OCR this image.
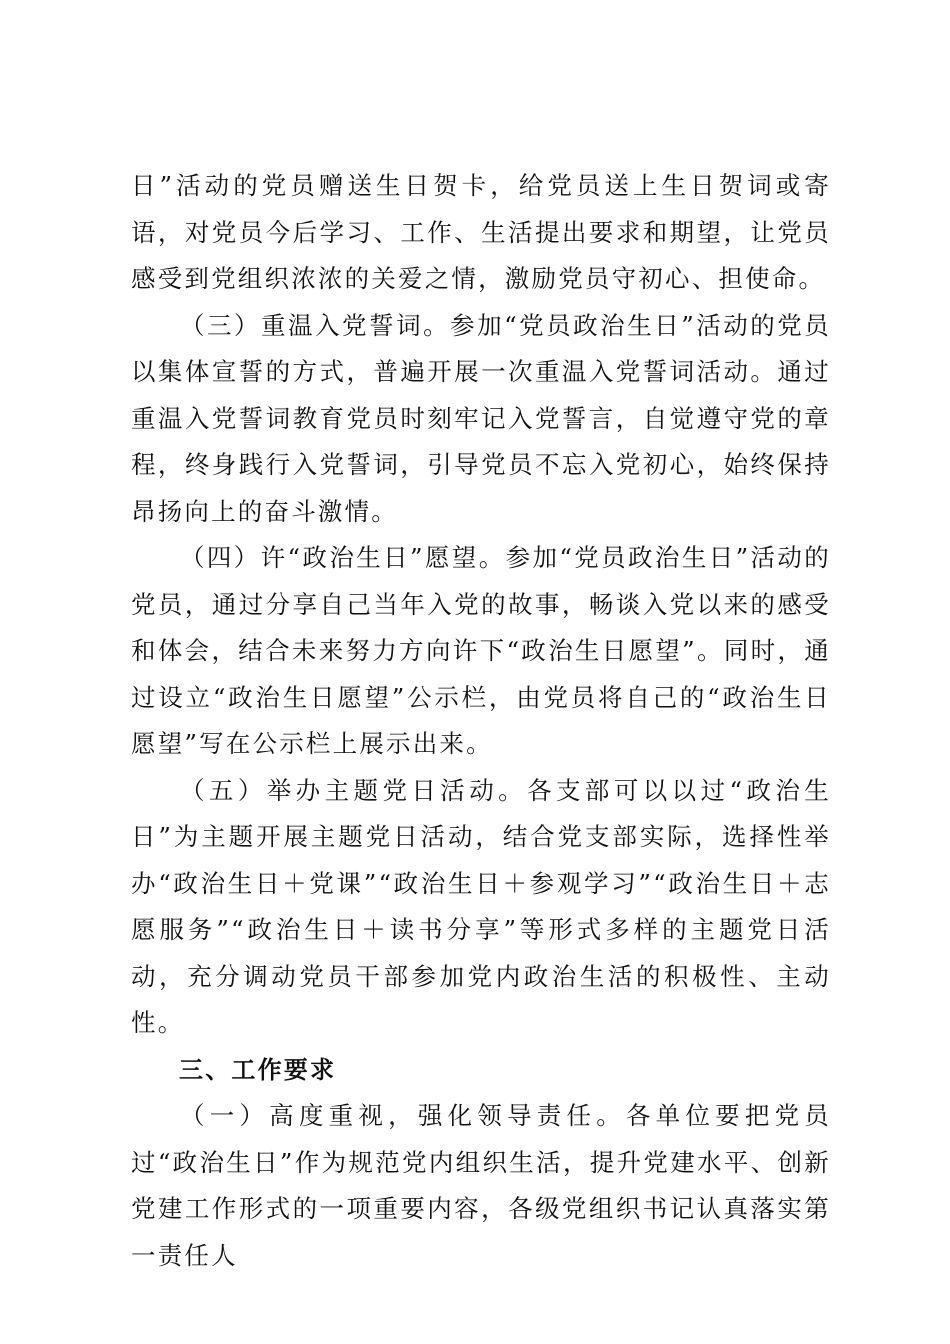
日”活动的党员赠送生日贺卡，给党员送上生日贺词或寄语，对党员今后学习、工作、生活提出要求和期望，让党员感受到党组织浓浓的关爱之情，激励党员守初心、担使命。

（三）重温入党誓词。参加“党员政治生日”活动的党员以集体宣誓的方式，普遍开展一次重温入党誓词活动。通过重温入党誓词教育党员时刻牢记入党誓言，自觉遵守党的章程，终身践行入党誓词，引导党员不忘入党初心，始终保持昂扬向上的奋斗激情。

（四）许“政治生日”愿望。参加“党员政治生日”活动的党员，通过分享自己当年入党的故事，畅谈入党以来的感受和体会，结合未来努力方向许下“政治生日愿望”。同时，通过设立“政治生日愿望”公示栏，由党员将自己的“政治生日愿望”写在公示栏上展示出来。

（五）举办主题党日活动。各支部可以以过“政治生日”为主题开展主题党日活动，结合党支部实际，选择性举办“政治生日＋党课”“政治生日＋参观学习”“政治生日＋志愿服务”“政治生日＋读书分享”等形式多样的主题党日活动，充分调动党员干部参加党内政治生活的积极性、主动性。

三、工作要求

（一）高度重视，强化领导责任。各单位要把党员过“政治生日”作为规范党内组织生活，提升党建水平、创新党建工作形式的一项重要内容，各级党组织书记认真落实第一责任人
